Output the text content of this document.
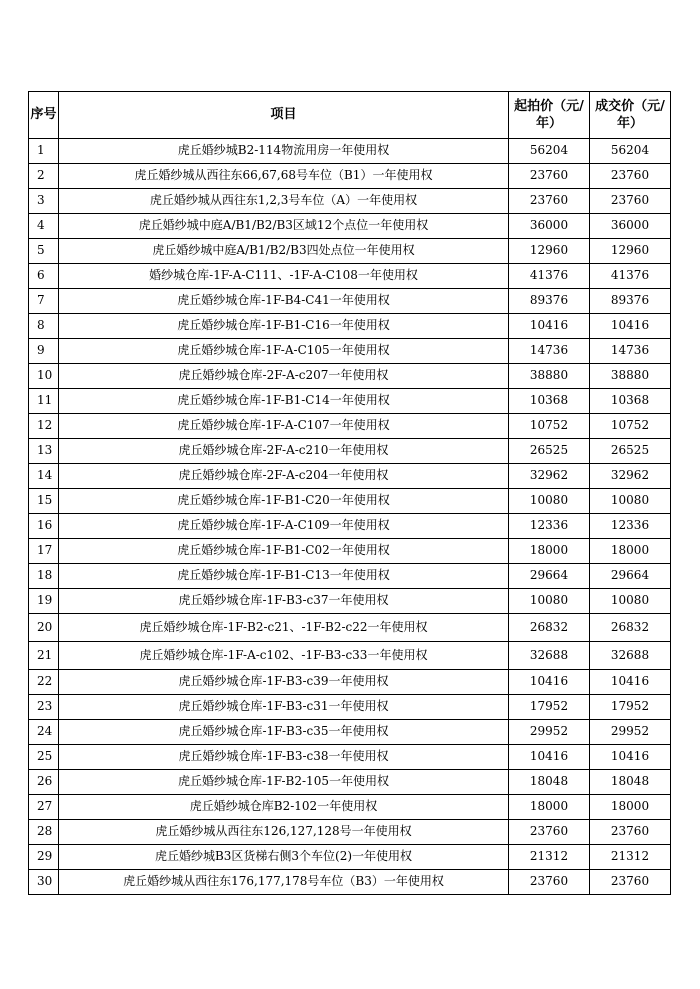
序号	项目	起拍价（元/年）	成交价（元/年）
1	虎丘婚纱城B2-114物流用房一年使用权	56204	56204
2	虎丘婚纱城从西往东66,67,68号车位（B1）一年使用权	23760	23760
3	虎丘婚纱城从西往东1,2,3号车位（A）一年使用权	23760	23760
4	虎丘婚纱城中庭A/B1/B2/B3区域12个点位一年使用权	36000	36000
5	虎丘婚纱城中庭A/B1/B2/B3四处点位一年使用权	12960	12960
6	婚纱城仓库-1F-A-C111、-1F-A-C108一年使用权	41376	41376
7	虎丘婚纱城仓库-1F-B4-C41一年使用权	89376	89376
8	虎丘婚纱城仓库-1F-B1-C16一年使用权	10416	10416
9	虎丘婚纱城仓库-1F-A-C105一年使用权	14736	14736
10	虎丘婚纱城仓库-2F-A-c207一年使用权	38880	38880
11	虎丘婚纱城仓库-1F-B1-C14一年使用权	10368	10368
12	虎丘婚纱城仓库-1F-A-C107一年使用权	10752	10752
13	虎丘婚纱城仓库-2F-A-c210一年使用权	26525	26525
14	虎丘婚纱城仓库-2F-A-c204一年使用权	32962	32962
15	虎丘婚纱城仓库-1F-B1-C20一年使用权	10080	10080
16	虎丘婚纱城仓库-1F-A-C109一年使用权	12336	12336
17	虎丘婚纱城仓库-1F-B1-C02一年使用权	18000	18000
18	虎丘婚纱城仓库-1F-B1-C13一年使用权	29664	29664
19	虎丘婚纱城仓库-1F-B3-c37一年使用权	10080	10080
20	虎丘婚纱城仓库-1F-B2-c21、-1F-B2-c22一年使用权	26832	26832
21	虎丘婚纱城仓库-1F-A-c102、-1F-B3-c33一年使用权	32688	32688
22	虎丘婚纱城仓库-1F-B3-c39一年使用权	10416	10416
23	虎丘婚纱城仓库-1F-B3-c31一年使用权	17952	17952
24	虎丘婚纱城仓库-1F-B3-c35一年使用权	29952	29952
25	虎丘婚纱城仓库-1F-B3-c38一年使用权	10416	10416
26	虎丘婚纱城仓库-1F-B2-105一年使用权	18048	18048
27	虎丘婚纱城仓库B2-102一年使用权	18000	18000
28	虎丘婚纱城从西往东126,127,128号一年使用权	23760	23760
29	虎丘婚纱城B3区货梯右侧3个车位(2)一年使用权	21312	21312
30	虎丘婚纱城从西往东176,177,178号车位（B3）一年使用权	23760	23760
